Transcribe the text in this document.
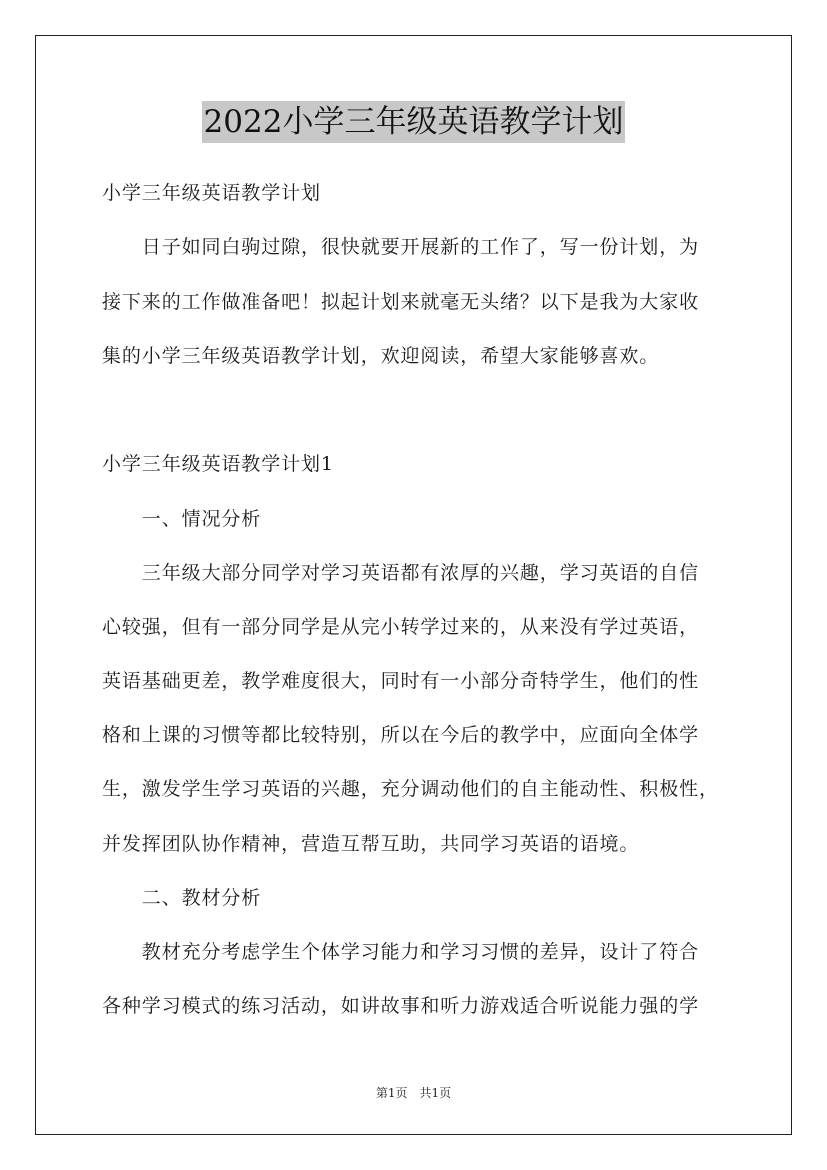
2022小学三年级英语教学计划
小学三年级英语教学计划
　　日子如同白驹过隙，很快就要开展新的工作了，写一份计划，为
接下来的工作做准备吧！拟起计划来就毫无头绪？以下是我为大家收
集的小学三年级英语教学计划，欢迎阅读，希望大家能够喜欢。
小学三年级英语教学计划1
　　一、情况分析
　　三年级大部分同学对学习英语都有浓厚的兴趣，学习英语的自信
心较强，但有一部分同学是从完小转学过来的，从来没有学过英语，
英语基础更差，教学难度很大，同时有一小部分奇特学生，他们的性
格和上课的习惯等都比较特别，所以在今后的教学中，应面向全体学
生，激发学生学习英语的兴趣，充分调动他们的自主能动性、积极性，
并发挥团队协作精神，营造互帮互助，共同学习英语的语境。
　　二、教材分析
　　教材充分考虑学生个体学习能力和学习习惯的差异，设计了符合
各种学习模式的练习活动，如讲故事和听力游戏适合听说能力强的学
第1页　共1页
